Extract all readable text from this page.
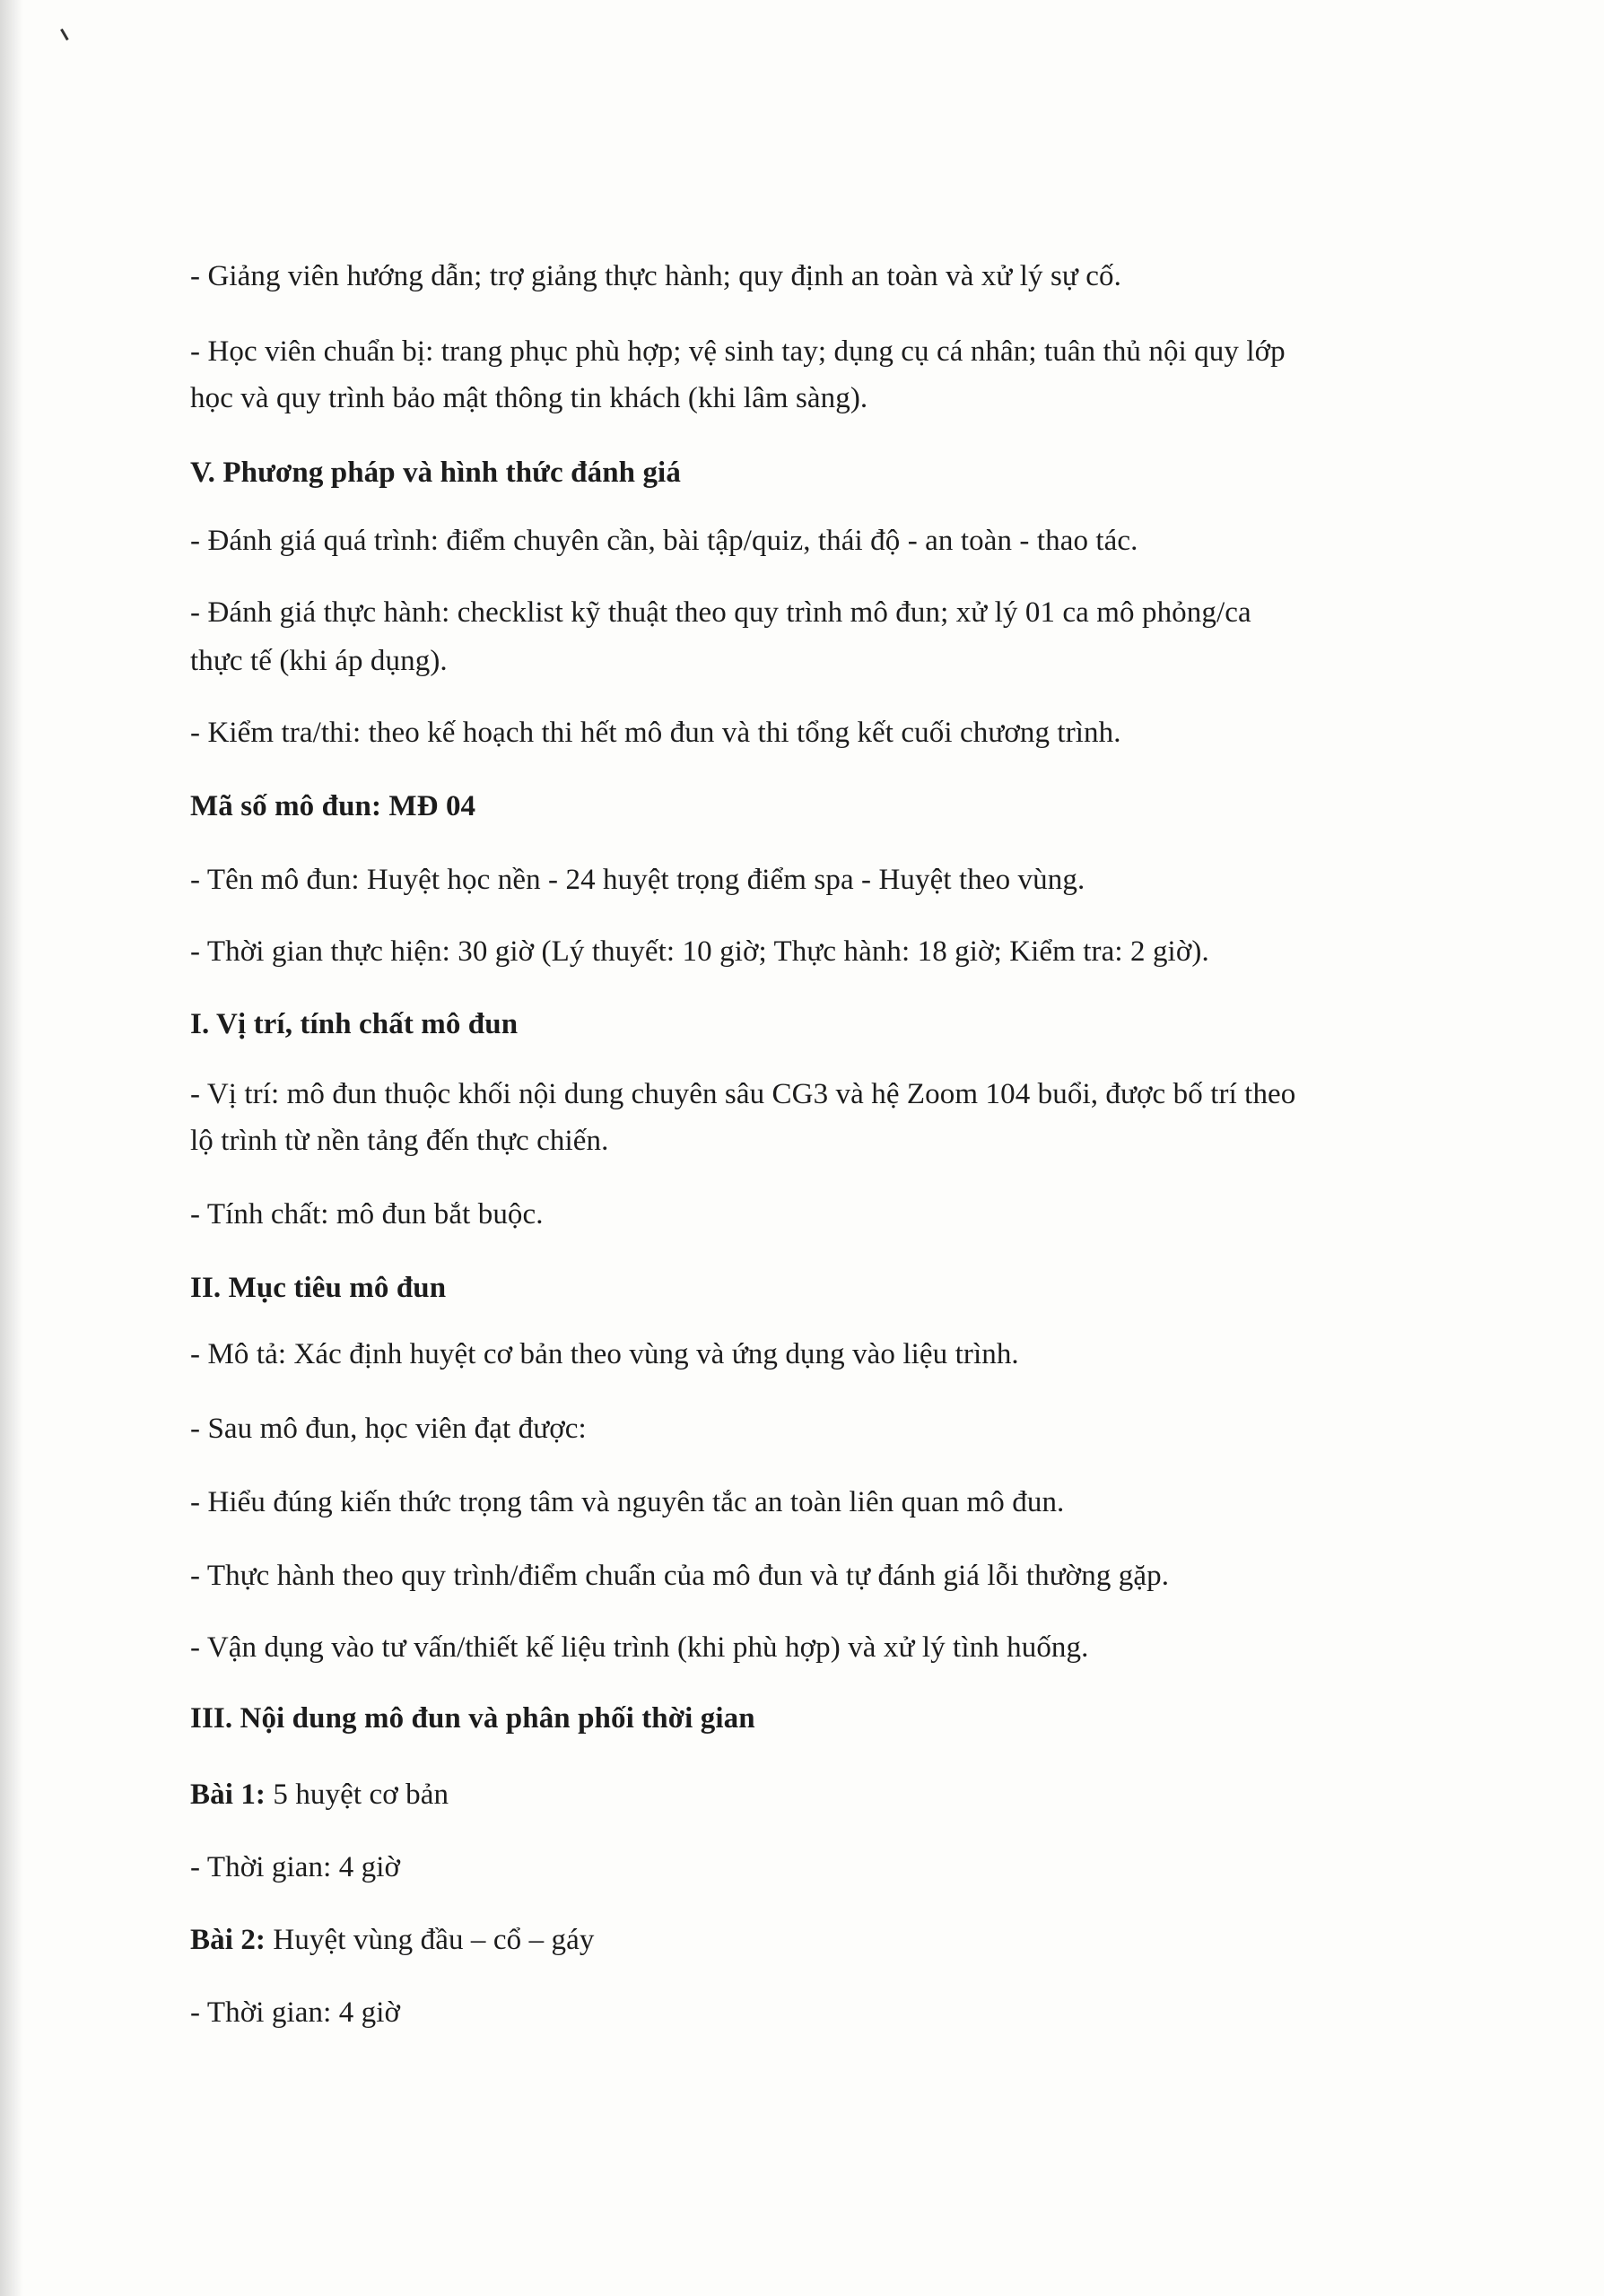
- Giảng viên hướng dẫn; trợ giảng thực hành; quy định an toàn và xử lý sự cố.
- Học viên chuẩn bị: trang phục phù hợp; vệ sinh tay; dụng cụ cá nhân; tuân thủ nội quy lớp
học và quy trình bảo mật thông tin khách (khi lâm sàng).
V. Phương pháp và hình thức đánh giá
- Đánh giá quá trình: điểm chuyên cần, bài tập/quiz, thái độ - an toàn - thao tác.
- Đánh giá thực hành: checklist kỹ thuật theo quy trình mô đun; xử lý 01 ca mô phỏng/ca
thực tế (khi áp dụng).
- Kiểm tra/thi: theo kế hoạch thi hết mô đun và thi tổng kết cuối chương trình.
Mã số mô đun: MĐ 04
- Tên mô đun: Huyệt học nền - 24 huyệt trọng điểm spa - Huyệt theo vùng.
- Thời gian thực hiện: 30 giờ (Lý thuyết: 10 giờ; Thực hành: 18 giờ; Kiểm tra: 2 giờ).
I. Vị trí, tính chất mô đun
- Vị trí: mô đun thuộc khối nội dung chuyên sâu CG3 và hệ Zoom 104 buổi, được bố trí theo
lộ trình từ nền tảng đến thực chiến.
- Tính chất: mô đun bắt buộc.
II. Mục tiêu mô đun
- Mô tả: Xác định huyệt cơ bản theo vùng và ứng dụng vào liệu trình.
- Sau mô đun, học viên đạt được:
- Hiểu đúng kiến thức trọng tâm và nguyên tắc an toàn liên quan mô đun.
- Thực hành theo quy trình/điểm chuẩn của mô đun và tự đánh giá lỗi thường gặp.
- Vận dụng vào tư vấn/thiết kế liệu trình (khi phù hợp) và xử lý tình huống.
III. Nội dung mô đun và phân phối thời gian
Bài 1: 5 huyệt cơ bản
- Thời gian: 4 giờ
Bài 2: Huyệt vùng đầu – cổ – gáy
- Thời gian: 4 giờ
